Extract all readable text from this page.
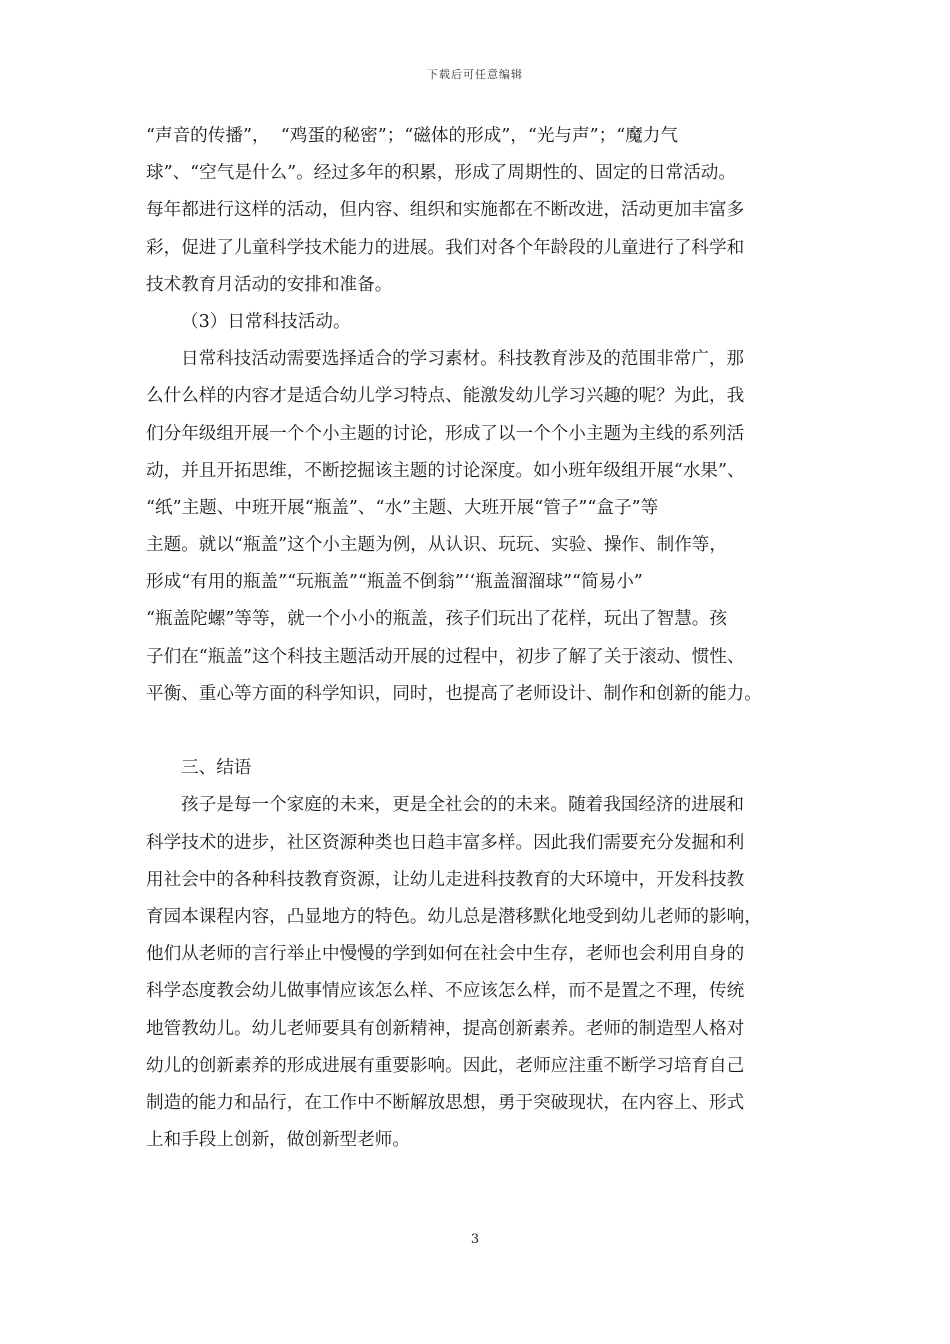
下载后可任意编辑
“声音的传播”，  “鸡蛋的秘密”；“磁体的形成”，“光与声”；“魔力气
球”、“空气是什么”。经过多年的积累，形成了周期性的、固定的日常活动。
每年都进行这样的活动，但内容、组织和实施都在不断改进，活动更加丰富多
彩，促进了儿童科学技术能力的进展。我们对各个年龄段的儿童进行了科学和
技术教育月活动的安排和准备。
（3）日常科技活动。
日常科技活动需要选择适合的学习素材。科技教育涉及的范围非常广，那
么什么样的内容才是适合幼儿学习特点、能激发幼儿学习兴趣的呢？为此，我
们分年级组开展一个个小主题的讨论，形成了以一个个小主题为主线的系列活
动，并且开拓思维，不断挖掘该主题的讨论深度。如小班年级组开展“水果”、
“纸”主题、中班开展“瓶盖”、“水”主题、大班开展“管子”“盒子”等
主题。就以“瓶盖”这个小主题为例，从认识、玩玩、实验、操作、制作等，
形成“有用的瓶盖”“玩瓶盖”“瓶盖不倒翁”‘‘瓶盖溜溜球”“简易小”
“瓶盖陀螺”等等，就一个小小的瓶盖，孩子们玩出了花样，玩出了智慧。孩
子们在“瓶盖”这个科技主题活动开展的过程中，初步了解了关于滚动、惯性、
平衡、重心等方面的科学知识，同时，也提高了老师设计、制作和创新的能力。
三、结语
孩子是每一个家庭的未来，更是全社会的的未来。随着我国经济的进展和
科学技术的进步，社区资源种类也日趋丰富多样。因此我们需要充分发掘和利
用社会中的各种科技教育资源，让幼儿走进科技教育的大环境中，开发科技教
育园本课程内容，凸显地方的特色。幼儿总是潜移默化地受到幼儿老师的影响，
他们从老师的言行举止中慢慢的学到如何在社会中生存，老师也会利用自身的
科学态度教会幼儿做事情应该怎么样、不应该怎么样，而不是置之不理，传统
地管教幼儿。幼儿老师要具有创新精神，提高创新素养。老师的制造型人格对
幼儿的创新素养的形成进展有重要影响。因此，老师应注重不断学习培育自己
制造的能力和品行，在工作中不断解放思想，勇于突破现状，在内容上、形式
上和手段上创新，做创新型老师。
3
